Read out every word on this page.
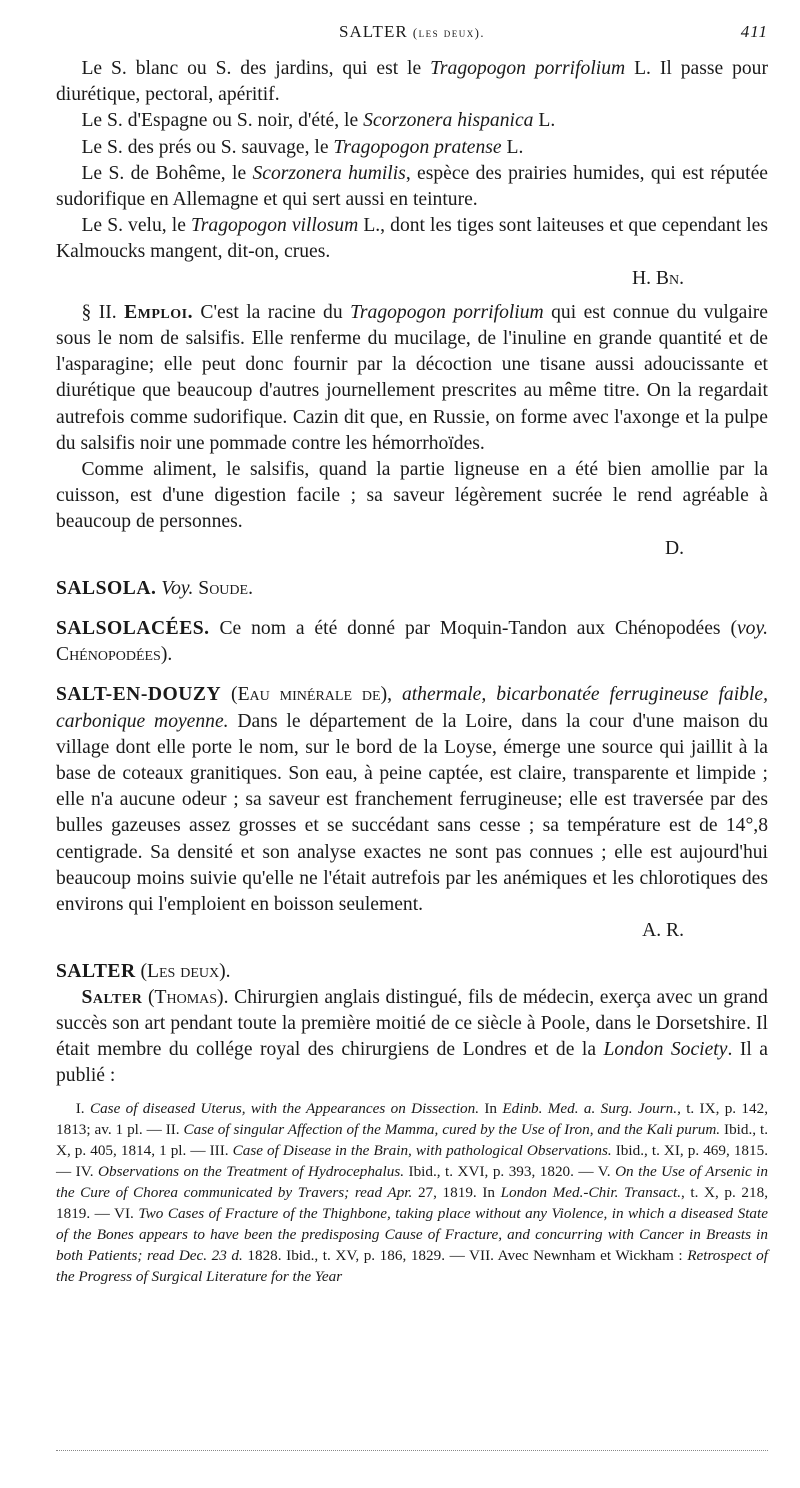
SALTER (les deux).	411

Le S. blanc ou S. des jardins, qui est le Tragopogon porrifolium L. Il passe pour diurétique, pectoral, apéritif.

Le S. d'Espagne ou S. noir, d'été, le Scorzonera hispanica L.

Le S. des prés ou S. sauvage, le Tragopogon pratense L.

Le S. de Bohême, le Scorzonera humilis, espèce des prairies humides, qui est réputée sudorifique en Allemagne et qui sert aussi en teinture.

Le S. velu, le Tragopogon villosum L., dont les tiges sont laiteuses et que cependant les Kalmoucks mangent, dit-on, crues.
H. Bn.

§ II. Emploi. C'est la racine du Tragopogon porrifolium qui est connue du vulgaire sous le nom de salsifis. Elle renferme du mucilage, de l'inuline en grande quantité et de l'asparagine; elle peut donc fournir par la décoction une tisane aussi adoucissante et diurétique que beaucoup d'autres journellement prescrites au même titre. On la regardait autrefois comme sudorifique. Cazin dit que, en Russie, on forme avec l'axonge et la pulpe du salsifis noir une pommade contre les hémorrhoïdes.

Comme aliment, le salsifis, quand la partie ligneuse en a été bien amollie par la cuisson, est d'une digestion facile ; sa saveur légèrement sucrée le rend agréable à beaucoup de personnes.
D.

SALSOLA. Voy. Soude.

SALSOLACÉES. Ce nom a été donné par Moquin-Tandon aux Chénopodées (voy. Chénopodées).

SALT-EN-DOUZY (Eau minérale de), athermale, bicarbonatée ferrugineuse faible, carbonique moyenne. Dans le département de la Loire, dans la cour d'une maison du village dont elle porte le nom, sur le bord de la Loyse, émerge une source qui jaillit à la base de coteaux granitiques. Son eau, à peine captée, est claire, transparente et limpide ; elle n'a aucune odeur ; sa saveur est franchement ferrugineuse; elle est traversée par des bulles gazeuses assez grosses et se succédant sans cesse ; sa température est de 14°,8 centigrade. Sa densité et son analyse exactes ne sont pas connues ; elle est aujourd'hui beaucoup moins suivie qu'elle ne l'était autrefois par les anémiques et les chlorotiques des environs qui l'emploient en boisson seulement.
A. R.

SALTER (Les deux).

Salter (Thomas). Chirurgien anglais distingué, fils de médecin, exerça avec un grand succès son art pendant toute la première moitié de ce siècle à Poole, dans le Dorsetshire. Il était membre du collége royal des chirurgiens de Londres et de la London Society. Il a publié :

I. Case of diseased Uterus, with the Appearances on Dissection. In Edinb. Med. a. Surg. Journ., t. IX, p. 142, 1813; av. 1 pl. — II. Case of singular Affection of the Mamma, cured by the Use of Iron, and the Kali purum. Ibid., t. X, p. 405, 1814, 1 pl. — III. Case of Disease in the Brain, with pathological Observations. Ibid., t. XI, p. 469, 1815. — IV. Observations on the Treatment of Hydrocephalus. Ibid., t. XVI, p. 393, 1820. — V. On the Use of Arsenic in the Cure of Chorea communicated by Travers; read Apr. 27, 1819. In London Med.-Chir. Transact., t. X, p. 218, 1819. — VI. Two Cases of Fracture of the Thighbone, taking place without any Violence, in which a diseased State of the Bones appears to have been the predisposing Cause of Fracture, and concurring with Cancer in Breasts in both Patients; read Dec. 23 d. 1828. Ibid., t. XV, p. 186, 1829. — VII. Avec Newnham et Wickham : Retrospect of the Progress of Surgical Literature for the Year
